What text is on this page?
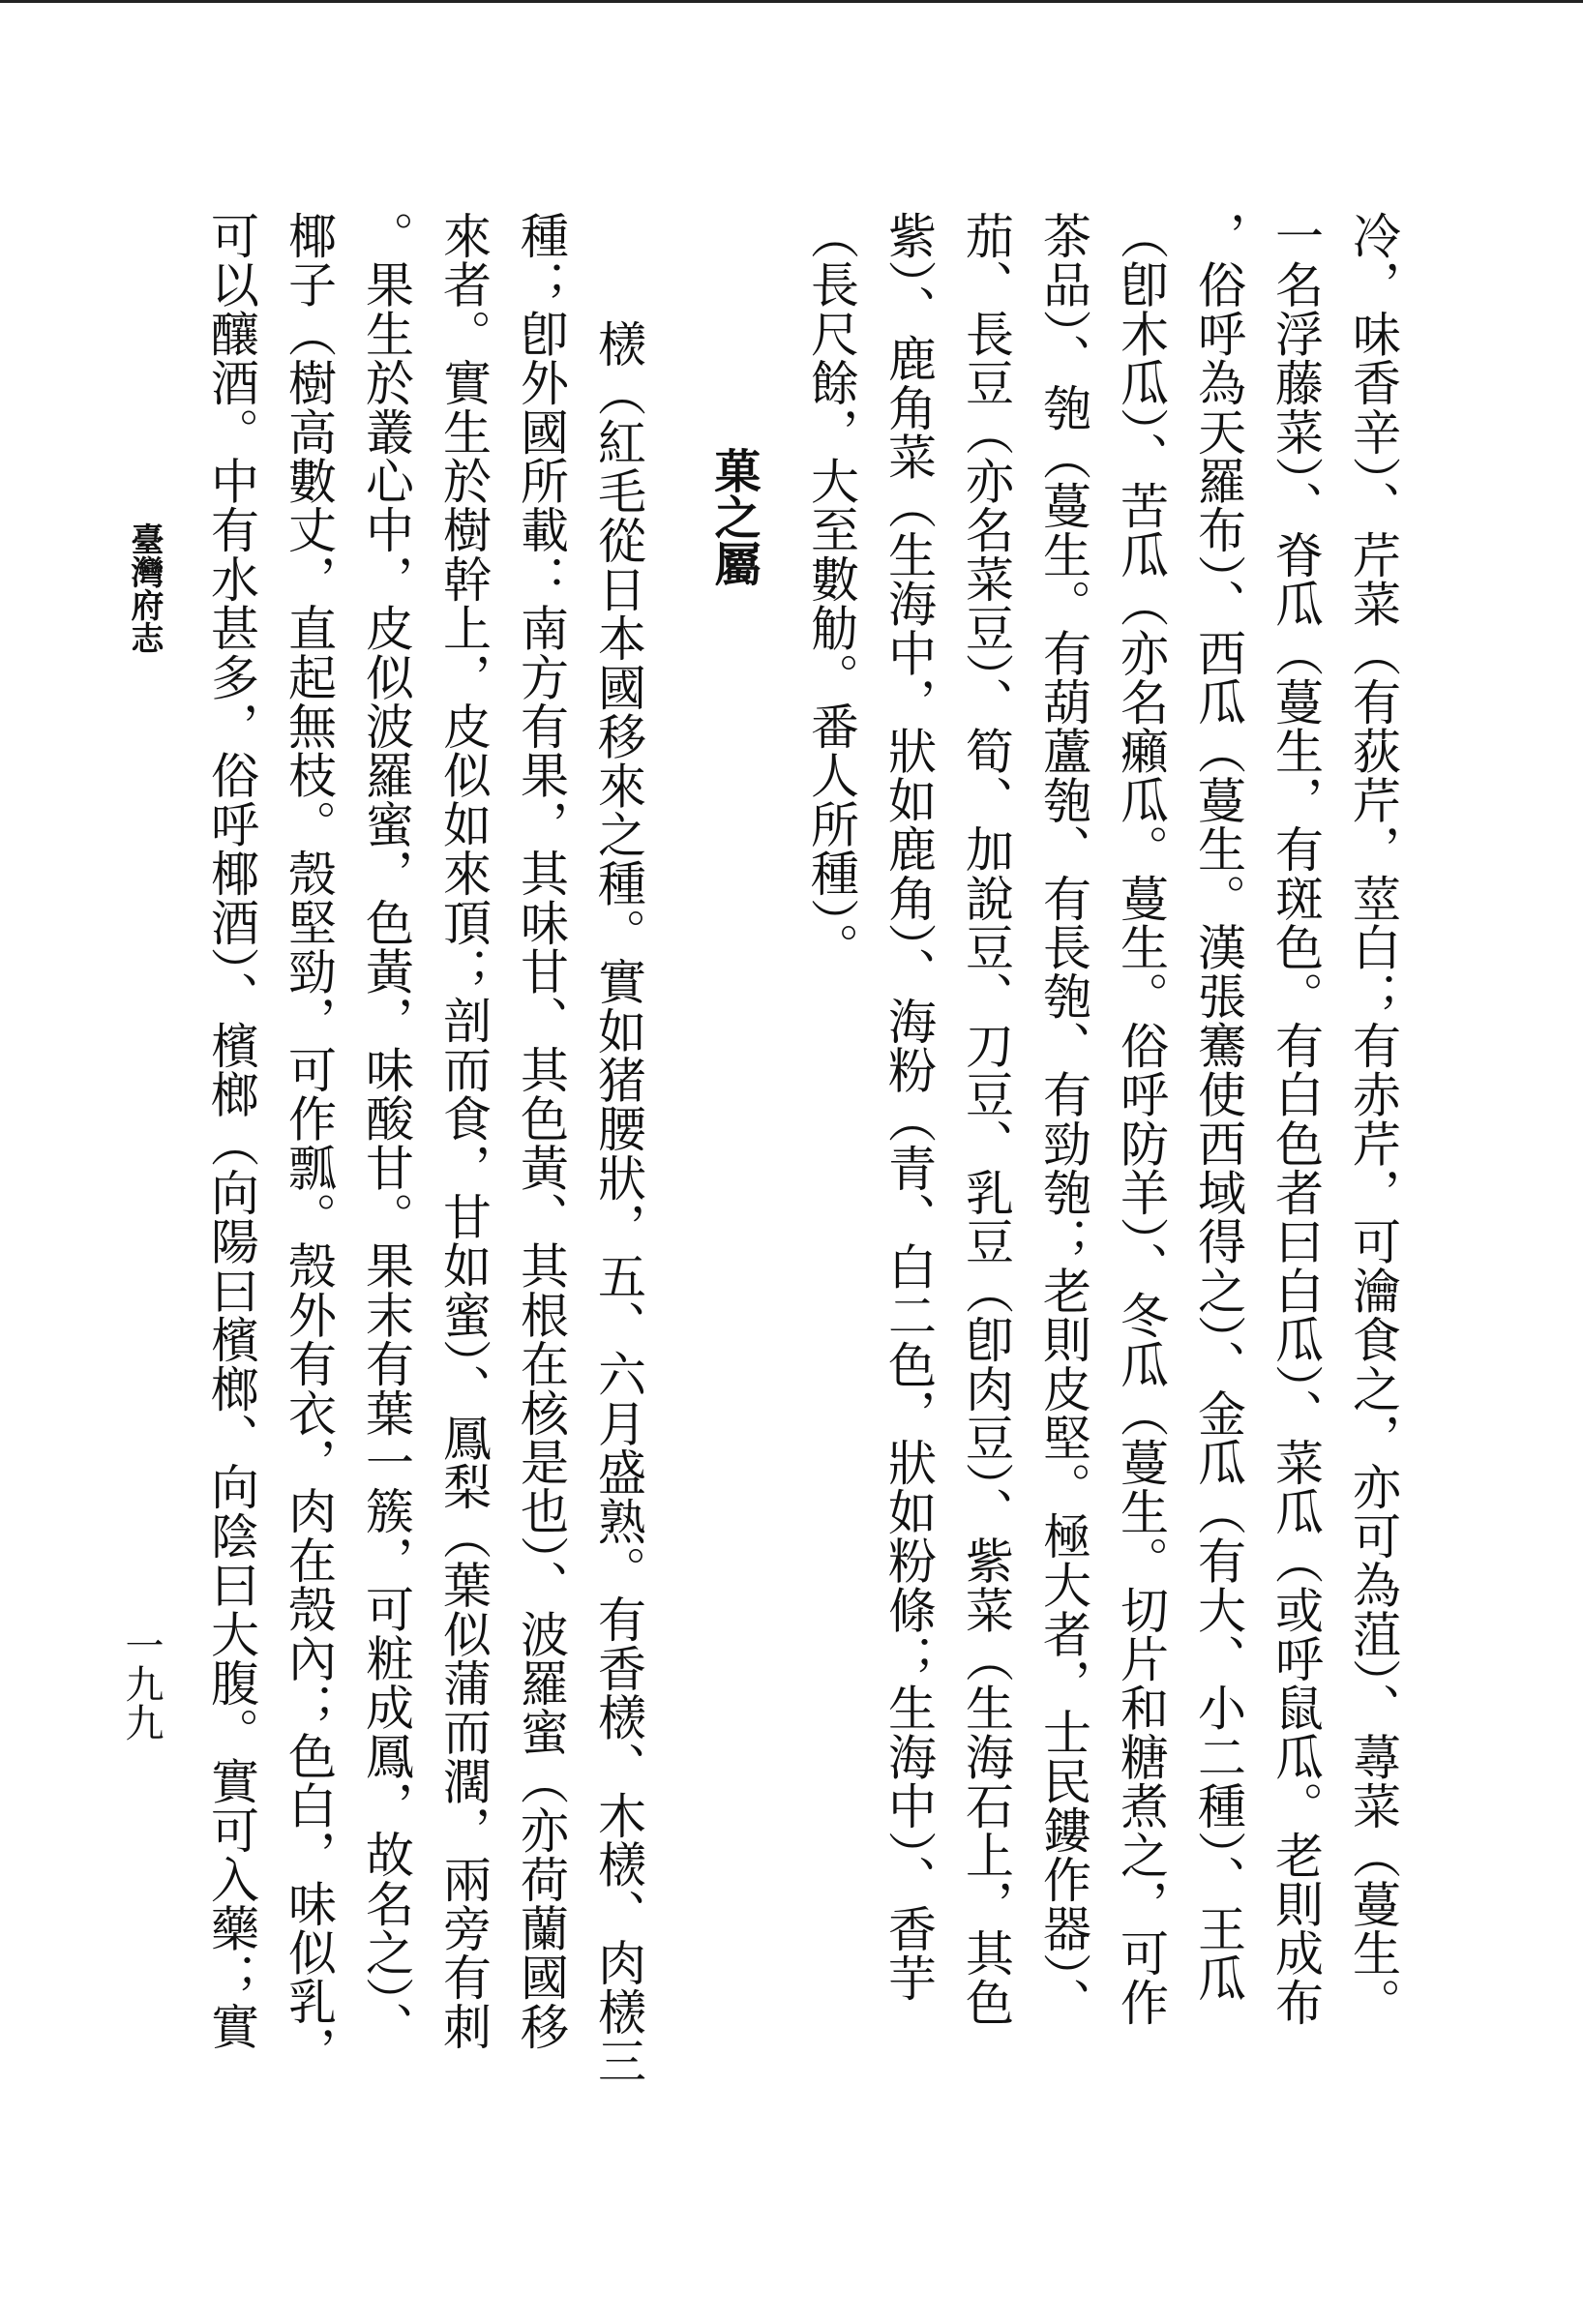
冷，味香辛）、芹菜（有荻芹，莖白；有赤芹，可瀹食之，亦可為菹）、蕁菜（蔓生。
一名浮藤菜）、脊瓜（蔓生，有斑色。有白色者曰白瓜）、菜瓜（或呼鼠瓜。老則成布
，俗呼為天羅布）、西瓜（蔓生。漢張騫使西域得之）、金瓜（有大、小二種）、王瓜
（卽木瓜）、苦瓜（亦名癩瓜。蔓生。俗呼防羊）、冬瓜（蔓生。切片和糖煮之，可作
茶品）、匏（蔓生。有葫蘆匏、有長匏、有勁匏；老則皮堅。極大者，士民鏤作器）、
茄、長豆（亦名菜豆）、筍、加說豆、刀豆、乳豆（卽肉豆）、紫菜（生海石上，其色
紫）、鹿角菜（生海中，狀如鹿角）、海粉（青、白二色，狀如粉條；生海中）、香芋
（長尺餘，大至數觔。番人所種）。
菓之屬
檨（紅毛從日本國移來之種。實如猪腰狀，五、六月盛熟。有香檨、木檨、肉檨三
種；卽外國所載：南方有果，其味甘、其色黃、其根在核是也）、波羅蜜（亦荷蘭國移
來者。實生於樹幹上，皮似如來頂；剖而食，甘如蜜）、鳳梨（葉似蒲而濶，兩旁有刺
。果生於叢心中，皮似波羅蜜，色黃，味酸甘。果末有葉一簇，可粧成鳳，故名之）、
椰子（樹高數丈，直起無枝。殼堅勁，可作瓢。殼外有衣，肉在殼內；色白，味似乳，
可以釀酒。中有水甚多，俗呼椰酒）、檳榔（向陽曰檳榔、向陰曰大腹。實可入藥；實
臺灣府志
一九九
